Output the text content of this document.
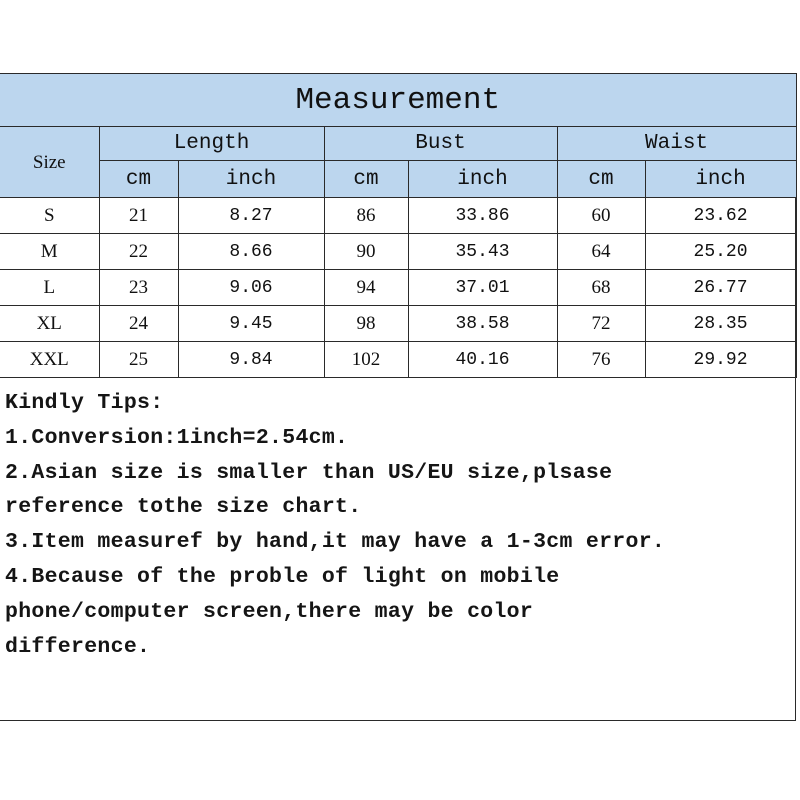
Measurement						
Size	Length		Bust		Waist	
	cm	inch	cm	inch	cm	inch
S	21	8.27	86	33.86	60	23.62
M	22	8.66	90	35.43	64	25.20
L	23	9.06	94	37.01	68	26.77
XL	24	9.45	98	38.58	72	28.35
XXL	25	9.84	102	40.16	76	29.92
Kindly Tips:
1.Conversion:1inch=2.54cm.
2.Asian size is smaller than US/EU size,plsase
reference tothe size chart.
3.Item measuref by hand,it may have a 1-3cm error.
4.Because of the proble of light on mobile
phone/computer screen,there may be color
difference.
